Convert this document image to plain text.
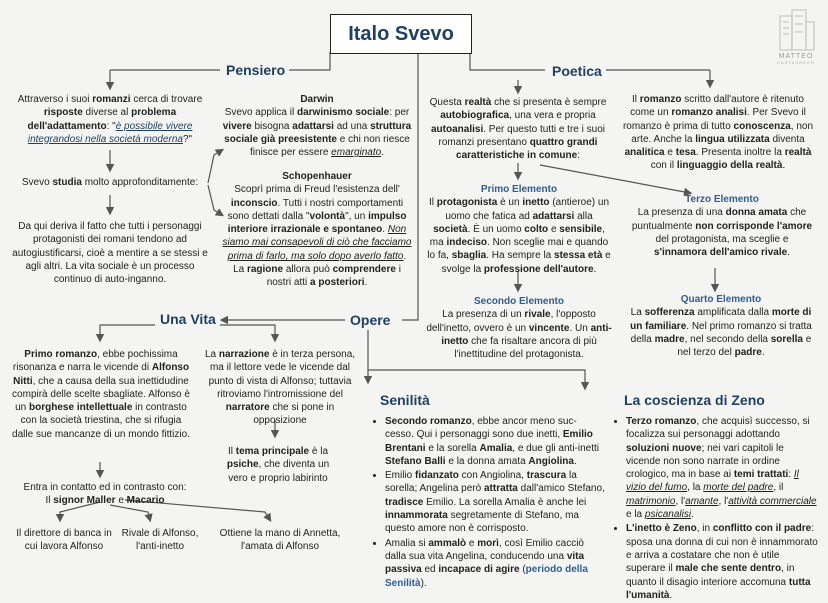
MATTEO
CASTAGNERO
Italo Svevo
Pensiero	Poetica
Una Vita	Opere
Senilità	La coscienza di Zeno
Attraverso i suoi romanzi cerca di trovare risposte diverse al problema dell'adattamento: "è possibile vivere integrandosi nella società moderna?"
Svevo studia molto approfonditamente:
Da qui deriva il fatto che tutti i personaggi protagonisti dei romani tendono ad autogiustificarsi, cioè a mentire a se stessi e agli altri. La vita sociale è un processo continuo di auto-inganno.
Darwin
Svevo applica il darwinismo sociale: per vivere bisogna adattarsi ad una struttura sociale già preesistente e chi non riesce finisce per essere emarginato.
Schopenhauer
Scoprì prima di Freud l'esistenza dell' inconscio. Tutti i nostri comportamenti sono dettati dalla "volontà", un impulso interiore irrazionale e spontaneo. Non siamo mai consapevoli di ciò che facciamo prima di farlo, ma solo dopo averlo fatto. La ragione allora può comprendere i nostri atti a posteriori.
Questa realtà che si presenta è sempre autobiografica, una vera e propria autoanalisi. Per questo tutti e tre i suoi romanzi presentano quattro grandi caratteristiche in comune:
Il romanzo scritto dall'autore è ritenuto come un romanzo analisi. Per Svevo il romanzo è prima di tutto conoscenza, non arte. Anche la lingua utilizzata diventa analitica e tesa. Presenta inoltre la realtà con il linguaggio della realtà.
Primo Elemento
Il protagonista è un inetto (antieroe) un uomo che fatica ad adattarsi alla società. È un uomo colto e sensibile, ma indeciso. Non sceglie mai e quando lo fa, sbaglia. Ha sempre la stessa età e svolge la professione dell'autore.
Terzo Elemento
La presenza di una donna amata che puntualmente non corrisponde l'amore del protagonista, ma sceglie e s'innamora dell'amico rivale.
Secondo Elemento
La presenza di un rivale, l'opposto dell'inetto, ovvero è un vincente. Un anti-inetto che fa risaltare ancora di più l'inettitudine del protagonista.
Quarto Elemento
La sofferenza amplificata dalla morte di un familiare. Nel primo romanzo si tratta della madre, nel secondo della sorella e nel terzo del padre.
Primo romanzo, ebbe pochissima risonanza e narra le vicende di Alfonso Nitti, che a causa della sua inettidudine compirà delle scelte sbagliate. Alfonso è un borghese intellettuale in contrasto con la società triestina, che si rifugia dalle sue mancanze di un mondo fittizio.
La narrazione è in terza persona, ma il lettore vede le vicende dal punto di vista di Alfonso; tuttavia ritroviamo l'intromissione del narratore che si pone in opposizione
Il tema principale è la psiche, che diventa un vero e proprio labirinto
Entra in contatto ed in contrasto con: Il signor Maller e Macario
Il direttore di banca in cui lavora Alfonso
Rivale di Alfonso, l'anti-inetto
Ottiene la mano di Annetta, l'amata di Alfonso
• Secondo romanzo, ebbe ancor meno suc- cesso. Qui i personaggi sono due inetti, Emilio Brentani e la sorella Amalia, e due gli anti-inetti Stefano Balli e la donna amata Angiolina.
• Emilio fidanzato con Angiolina, trascura la sorella; Angelina però attratta dall'amico Stefano, tradisce Emilio. La sorella Amalia è anche lei innammorata segretamente di Stefano, ma questo amore non è corrisposto.
• Amalia si ammalò e morì, così Emilio cacciò dalla sua vita Angelina, conducendo una vita passiva ed incapace di agire (periodo della Senilità).
• Terzo romanzo, che acquisì successo, si focalizza sui personaggi adottando soluzioni nuove; nei vari capitoli le vicende non sono narrate in ordine crologico, ma in base ai temi trattati: Il vizio del fumo, la morte del padre, il matrimonio, l'amante, l'attività commerciale e la psicanalisi.
• L'inetto è Zeno, in conflitto con il padre: sposa una donna di cui non è innammorato e arriva a costatare che non è utile superare il male che sente dentro, in quanto il disagio interiore accomuna tutta l'umanità.
